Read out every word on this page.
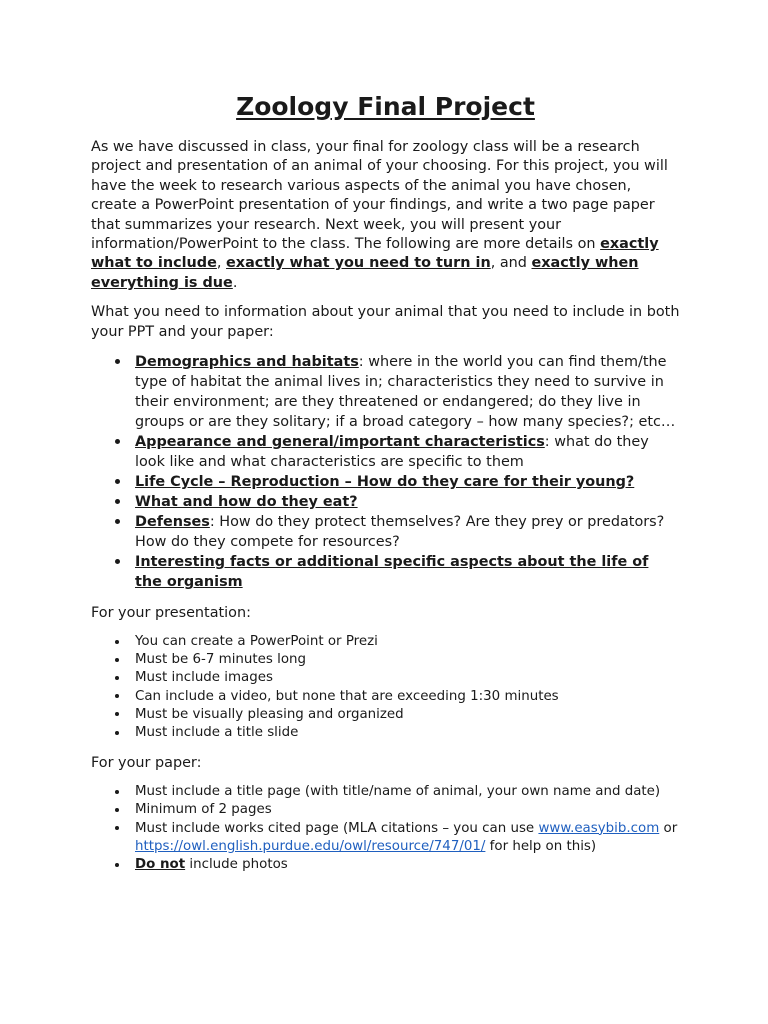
Zoology Final Project

As we have discussed in class, your final for zoology class will be a research project and presentation of an animal of your choosing. For this project, you will have the week to research various aspects of the animal you have chosen, create a PowerPoint presentation of your findings, and write a two page paper that summarizes your research. Next week, you will present your information/PowerPoint to the class. The following are more details on exactly what to include, exactly what you need to turn in, and exactly when everything is due.

What you need to information about your animal that you need to include in both your PPT and your paper:

Demographics and habitats: where in the world you can find them/the type of habitat the animal lives in; characteristics they need to survive in their environment; are they threatened or endangered; do they live in groups or are they solitary; if a broad category – how many species?; etc…
Appearance and general/important characteristics: what do they look like and what characteristics are specific to them
Life Cycle – Reproduction – How do they care for their young?
What and how do they eat?
Defenses: How do they protect themselves? Are they prey or predators? How do they compete for resources?
Interesting facts or additional specific aspects about the life of the organism

For your presentation:

You can create a PowerPoint or Prezi
Must be 6-7 minutes long
Must include images
Can include a video, but none that are exceeding 1:30 minutes
Must be visually pleasing and organized
Must include a title slide

For your paper:

Must include a title page (with title/name of animal, your own name and date)
Minimum of 2 pages
Must include works cited page (MLA citations – you can use www.easybib.com or https://owl.english.purdue.edu/owl/resource/747/01/ for help on this)
Do not include photos
